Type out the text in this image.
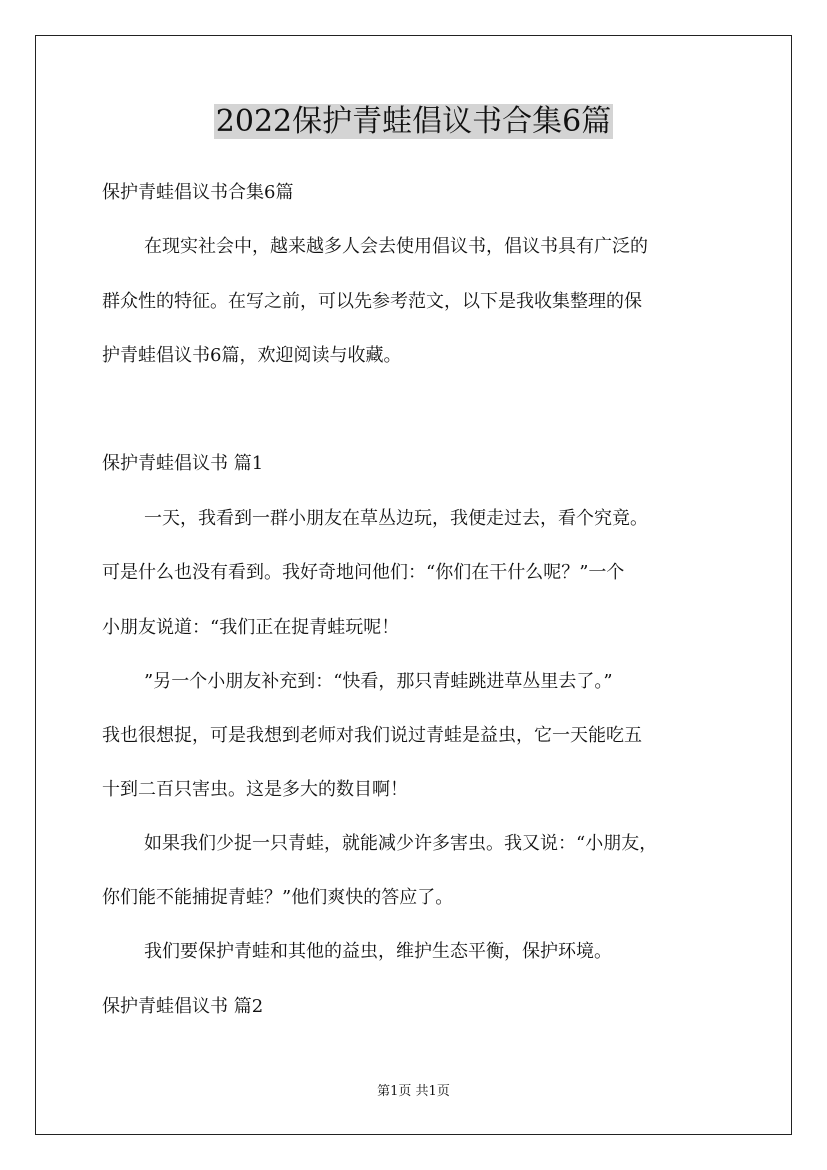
2022保护青蛙倡议书合集6篇

保护青蛙倡议书合集6篇

在现实社会中，越来越多人会去使用倡议书，倡议书具有广泛的

群众性的特征。在写之前，可以先参考范文，以下是我收集整理的保

护青蛙倡议书6篇，欢迎阅读与收藏。

保护青蛙倡议书 篇1

一天，我看到一群小朋友在草丛边玩，我便走过去，看个究竟。

可是什么也没有看到。我好奇地问他们：“你们在干什么呢？”一个

小朋友说道：“我们正在捉青蛙玩呢！

”另一个小朋友补充到：“快看，那只青蛙跳进草丛里去了。”

我也很想捉，可是我想到老师对我们说过青蛙是益虫，它一天能吃五

十到二百只害虫。这是多大的数目啊！

如果我们少捉一只青蛙，就能减少许多害虫。我又说：“小朋友，

你们能不能捕捉青蛙？”他们爽快的答应了。

我们要保护青蛙和其他的益虫，维护生态平衡，保护环境。

保护青蛙倡议书 篇2

第1页 共1页
